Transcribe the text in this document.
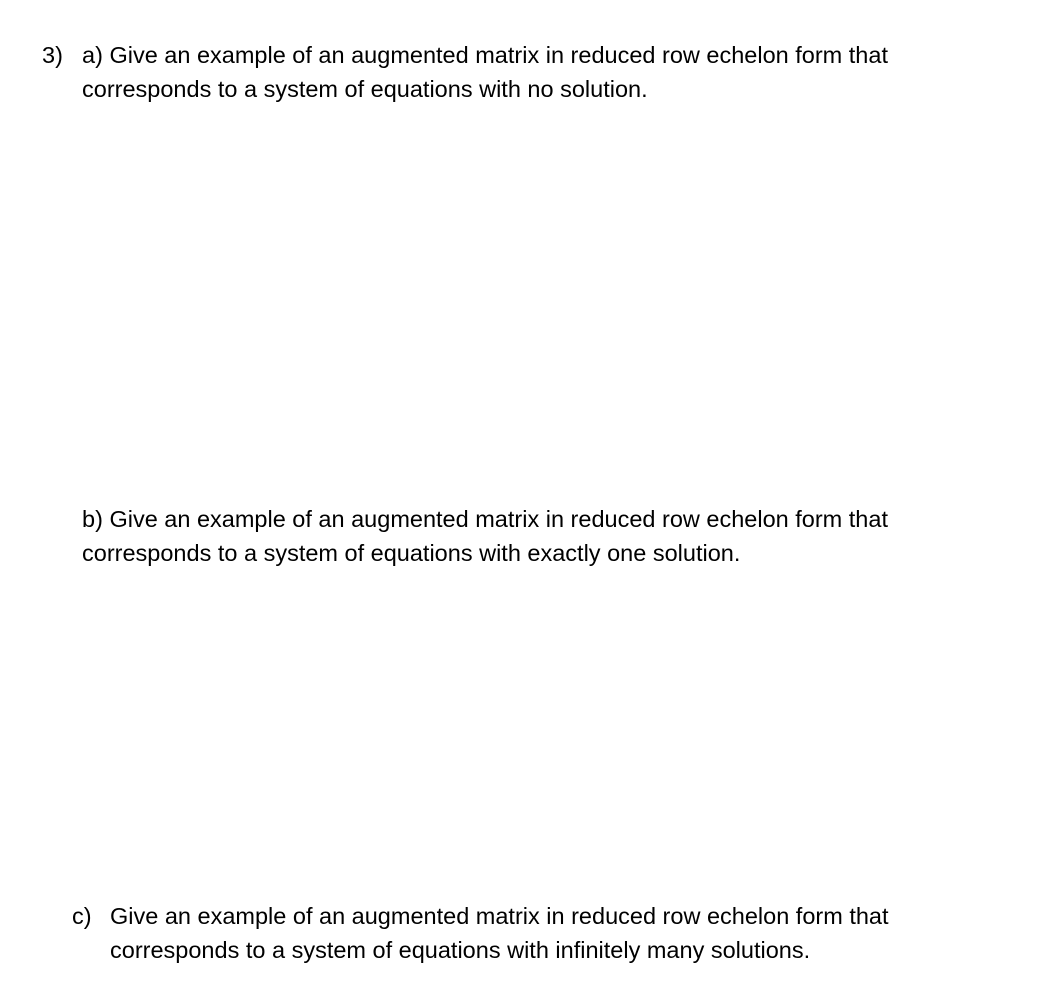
3) a) Give an example of an augmented matrix in reduced row echelon form that
corresponds to a system of equations with no solution.
b) Give an example of an augmented matrix in reduced row echelon form that
corresponds to a system of equations with exactly one solution.
c) Give an example of an augmented matrix in reduced row echelon form that
corresponds to a system of equations with infinitely many solutions.
